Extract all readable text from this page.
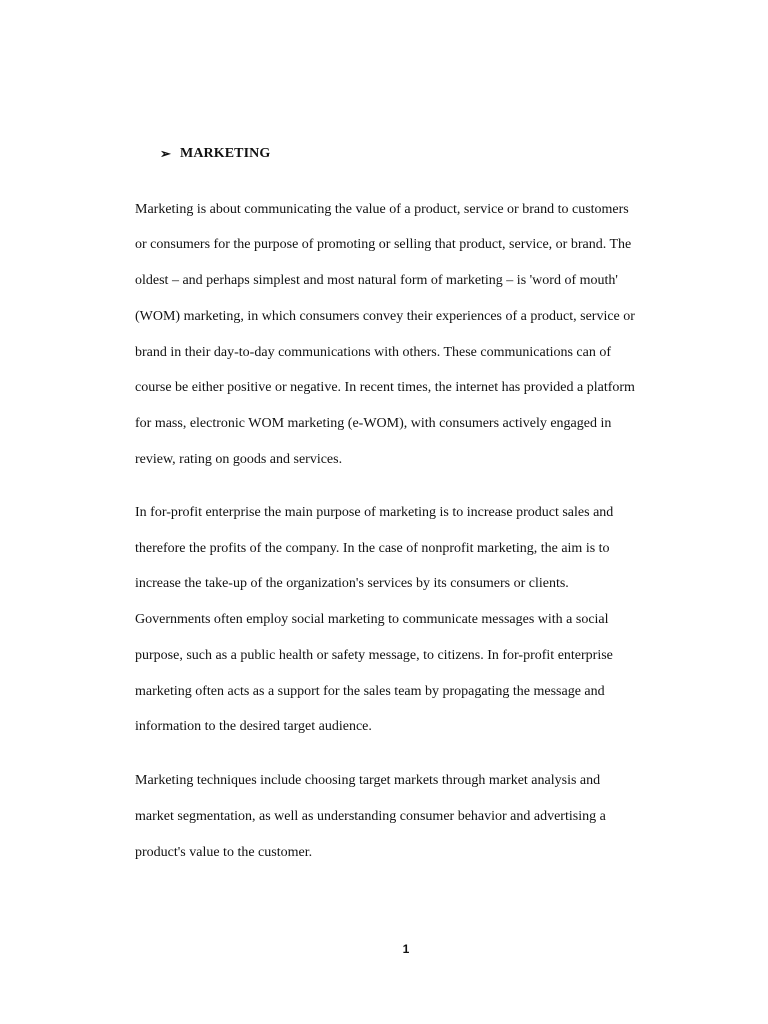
➢ MARKETING
Marketing is about communicating the value of a product, service or brand to customers
or consumers for the purpose of promoting or selling that product, service, or brand. The
oldest – and perhaps simplest and most natural form of marketing – is 'word of mouth'
(WOM) marketing, in which consumers convey their experiences of a product, service or
brand in their day-to-day communications with others. These communications can of
course be either positive or negative. In recent times, the internet has provided a platform
for mass, electronic WOM marketing (e-WOM), with consumers actively engaged in
review, rating on goods and services.
In for-profit enterprise the main purpose of marketing is to increase product sales and
therefore the profits of the company. In the case of nonprofit marketing, the aim is to
increase the take-up of the organization's services by its consumers or clients.
Governments often employ social marketing to communicate messages with a social
purpose, such as a public health or safety message, to citizens. In for-profit enterprise
marketing often acts as a support for the sales team by propagating the message and
information to the desired target audience.
Marketing techniques include choosing target markets through market analysis and
market segmentation, as well as understanding consumer behavior and advertising a
product's value to the customer.
1
